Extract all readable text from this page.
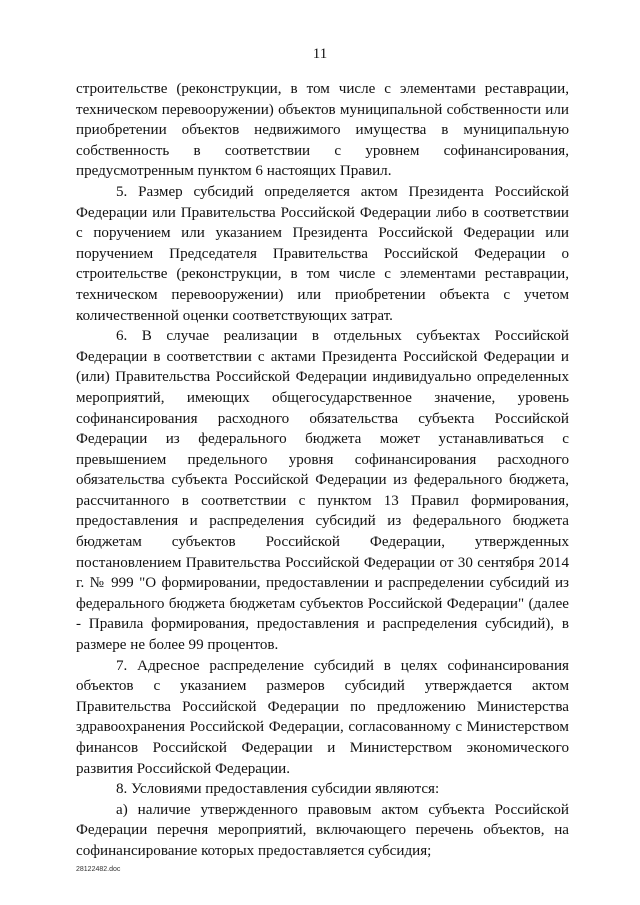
11

строительстве (реконструкции, в том числе с элементами реставрации, техническом перевооружении) объектов муниципальной собственности или приобретении объектов недвижимого имущества в муниципальную собственность в соответствии с уровнем софинансирования, предусмотренным пунктом 6 настоящих Правил.

5. Размер субсидий определяется актом Президента Российской Федерации или Правительства Российской Федерации либо в соответствии с поручением или указанием Президента Российской Федерации или поручением Председателя Правительства Российской Федерации о строительстве (реконструкции, в том числе с элементами реставрации, техническом перевооружении) или приобретении объекта с учетом количественной оценки соответствующих затрат.

6. В случае реализации в отдельных субъектах Российской Федерации в соответствии с актами Президента Российской Федерации и (или) Правительства Российской Федерации индивидуально определенных мероприятий, имеющих общегосударственное значение, уровень софинансирования расходного обязательства субъекта Российской Федерации из федерального бюджета может устанавливаться с превышением предельного уровня софинансирования расходного обязательства субъекта Российской Федерации из федерального бюджета, рассчитанного в соответствии с пунктом 13 Правил формирования, предоставления и распределения субсидий из федерального бюджета бюджетам субъектов Российской Федерации, утвержденных постановлением Правительства Российской Федерации от 30 сентября 2014 г. № 999 "О формировании, предоставлении и распределении субсидий из федерального бюджета бюджетам субъектов Российской Федерации" (далее - Правила формирования, предоставления и распределения субсидий), в размере не более 99 процентов.

7. Адресное распределение субсидий в целях софинансирования объектов с указанием размеров субсидий утверждается актом Правительства Российской Федерации по предложению Министерства здравоохранения Российской Федерации, согласованному с Министерством финансов Российской Федерации и Министерством экономического развития Российской Федерации.

8. Условиями предоставления субсидии являются:

а) наличие утвержденного правовым актом субъекта Российской Федерации перечня мероприятий, включающего перечень объектов, на софинансирование которых предоставляется субсидия;

28122482.doc
